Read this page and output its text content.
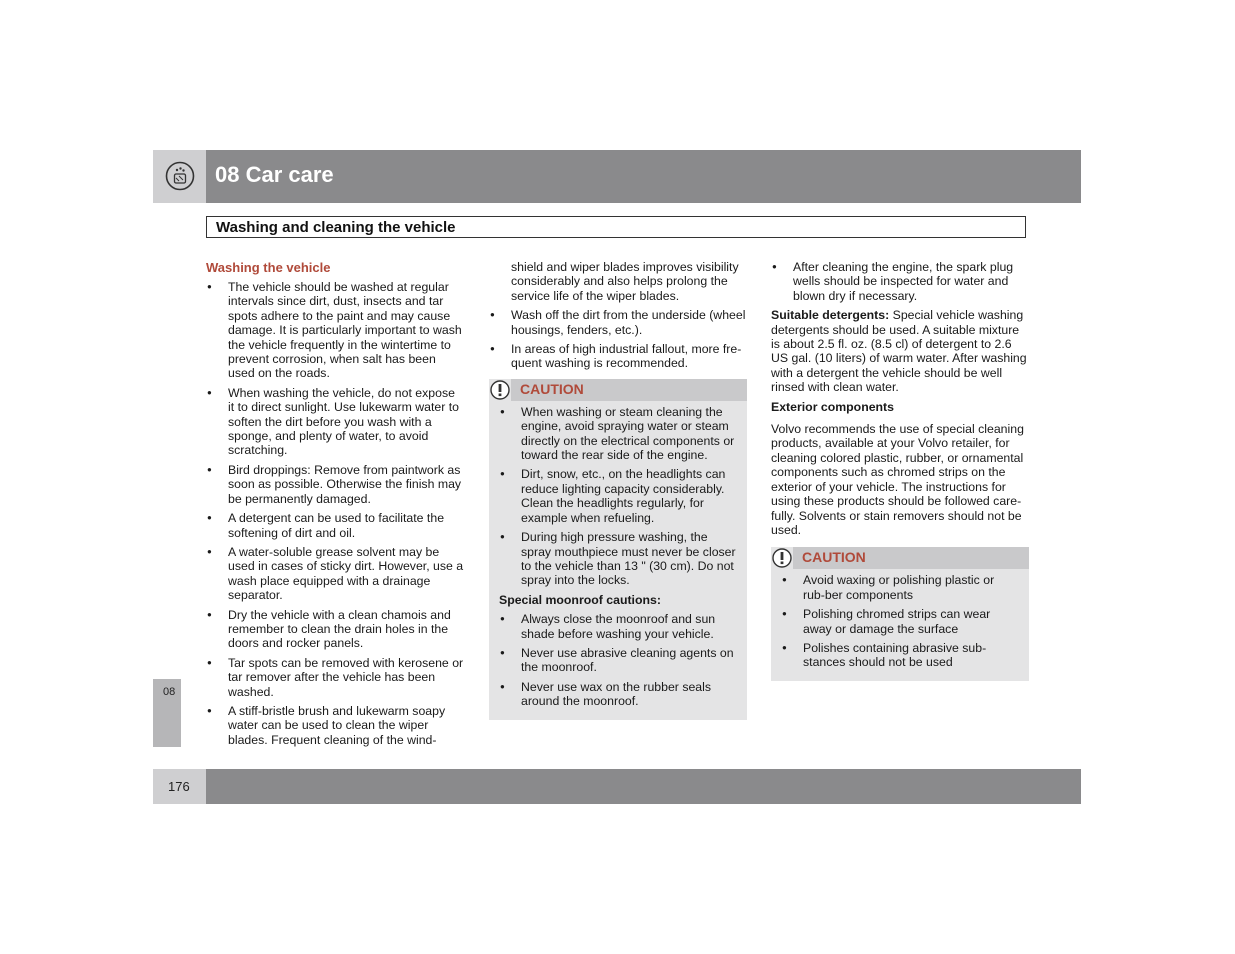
08 Car care
Washing and cleaning the vehicle
08
176
Washing the vehicle
● The vehicle should be washed at regular intervals since dirt, dust, insects and tar spots adhere to the paint and may cause damage. It is particularly important to wash the vehicle frequently in the wintertime to prevent corrosion, when salt has been used on the roads.
● When washing the vehicle, do not expose it to direct sunlight. Use lukewarm water to soften the dirt before you wash with a sponge, and plenty of water, to avoid scratching.
● Bird droppings: Remove from paintwork as soon as possible. Otherwise the finish may be permanently damaged.
● A detergent can be used to facilitate the softening of dirt and oil.
● A water-soluble grease solvent may be used in cases of sticky dirt. However, use a wash place equipped with a drainage separator.
● Dry the vehicle with a clean chamois and remember to clean the drain holes in the doors and rocker panels.
● Tar spots can be removed with kerosene or tar remover after the vehicle has been washed.
● A stiff-bristle brush and lukewarm soapy water can be used to clean the wiper blades. Frequent cleaning of the wind-
shield and wiper blades improves visibility considerably and also helps prolong the service life of the wiper blades.
● Wash off the dirt from the underside (wheel housings, fenders, etc.).
● In areas of high industrial fallout, more fre-quent washing is recommended.
CAUTION
● When washing or steam cleaning the engine, avoid spraying water or steam directly on the electrical components or toward the rear side of the engine.
● Dirt, snow, etc., on the headlights can reduce lighting capacity considerably. Clean the headlights regularly, for example when refueling.
● During high pressure washing, the spray mouthpiece must never be closer to the vehicle than 13 " (30 cm). Do not spray into the locks.
Special moonroof cautions:
● Always close the moonroof and sun shade before washing your vehicle.
● Never use abrasive cleaning agents on the moonroof.
● Never use wax on the rubber seals around the moonroof.
● After cleaning the engine, the spark plug wells should be inspected for water and blown dry if necessary.

Suitable detergents: Special vehicle washing detergents should be used. A suitable mixture is about 2.5 fl. oz. (8.5 cl) of detergent to 2.6 US gal. (10 liters) of warm water. After washing with a detergent the vehicle should be well rinsed with clean water.

Exterior components

Volvo recommends the use of special cleaning products, available at your Volvo retailer, for cleaning colored plastic, rubber, or ornamental components such as chromed strips on the exterior of your vehicle. The instructions for using these products should be followed care-fully. Solvents or stain removers should not be used.

CAUTION
● Avoid waxing or polishing plastic or rub-ber components
● Polishing chromed strips can wear away or damage the surface
● Polishes containing abrasive sub-stances should not be used
